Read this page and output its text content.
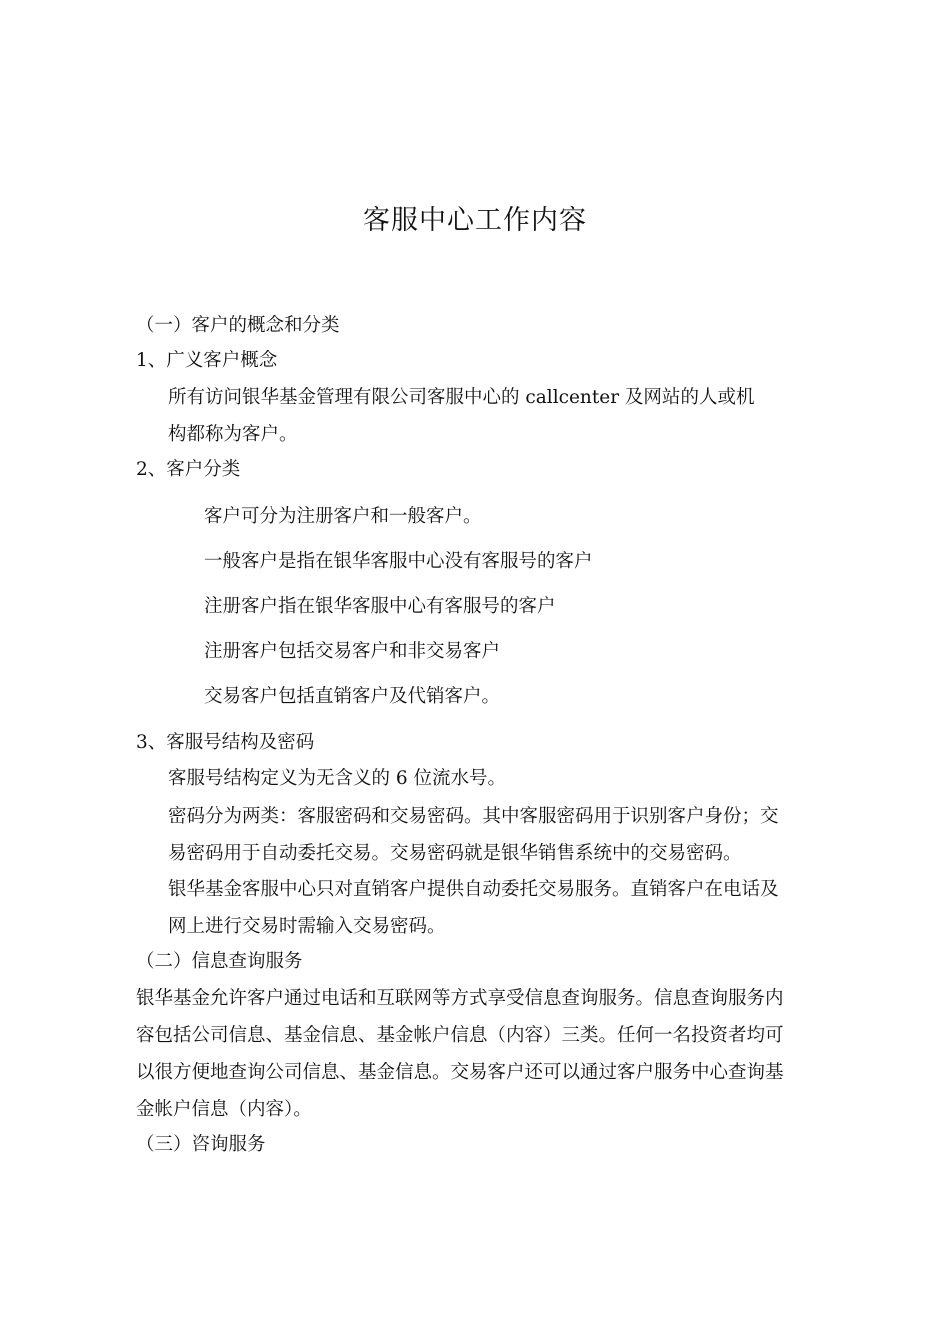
客服中心工作内容
（一）客户的概念和分类
1、广义客户概念
所有访问银华基金管理有限公司客服中心的 callcenter 及网站的人或机
构都称为客户。
2、客户分类
客户可分为注册客户和一般客户。
一般客户是指在银华客服中心没有客服号的客户
注册客户指在银华客服中心有客服号的客户
注册客户包括交易客户和非交易客户
交易客户包括直销客户及代销客户。
3、客服号结构及密码
客服号结构定义为无含义的 6 位流水号。
密码分为两类：客服密码和交易密码。其中客服密码用于识别客户身份；交
易密码用于自动委托交易。交易密码就是银华销售系统中的交易密码。
银华基金客服中心只对直销客户提供自动委托交易服务。直销客户在电话及
网上进行交易时需输入交易密码。
（二）信息查询服务
银华基金允许客户通过电话和互联网等方式享受信息查询服务。信息查询服务内
容包括公司信息、基金信息、基金帐户信息（内容）三类。任何一名投资者均可
以很方便地查询公司信息、基金信息。交易客户还可以通过客户服务中心查询基
金帐户信息（内容）。
（三）咨询服务
